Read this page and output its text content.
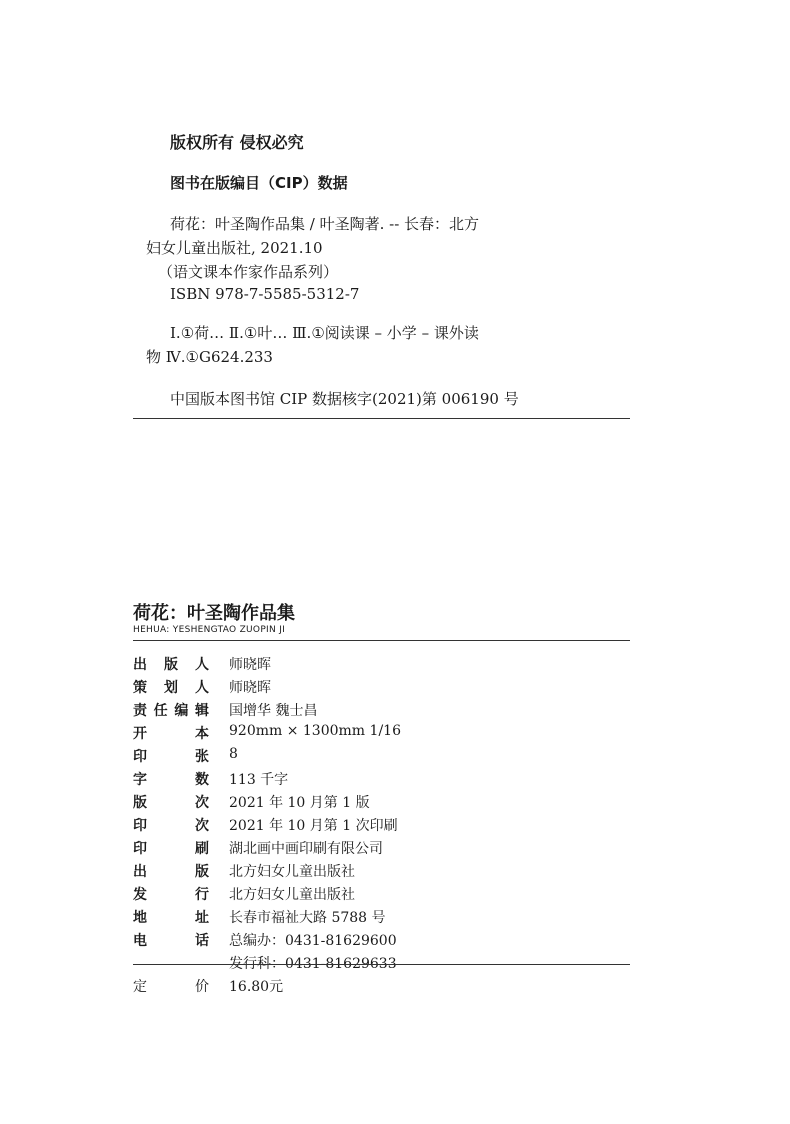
版权所有 侵权必究
图书在版编目（CIP）数据
荷花：叶圣陶作品集 / 叶圣陶著. -- 长春：北方
妇女儿童出版社, 2021.10
（语文课本作家作品系列）
ISBN 978-7-5585-5312-7
Ⅰ.①荷… Ⅱ.①叶… Ⅲ.①阅读课 – 小学 – 课外读
物 Ⅳ.①G624.233
中国版本图书馆 CIP 数据核字(2021)第 006190 号
荷花：叶圣陶作品集
HEHUA: YESHENGTAO ZUOPIN JI
出 版 人 师晓晖
策 划 人 师晓晖
责 任 编 辑 国增华 魏士昌
开	本 920mm × 1300mm 1/16
印	张 8
字	数 113 千字
版	次 2021 年 10 月第 1 版
印	次 2021 年 10 月第 1 次印刷
印	刷 湖北画中画印刷有限公司
出	版 北方妇女儿童出版社
发	行 北方妇女儿童出版社
地	址 长春市福祉大路 5788 号
电	话 总编办：0431-81629600
发行科：0431-81629633
定	价 16.80元
